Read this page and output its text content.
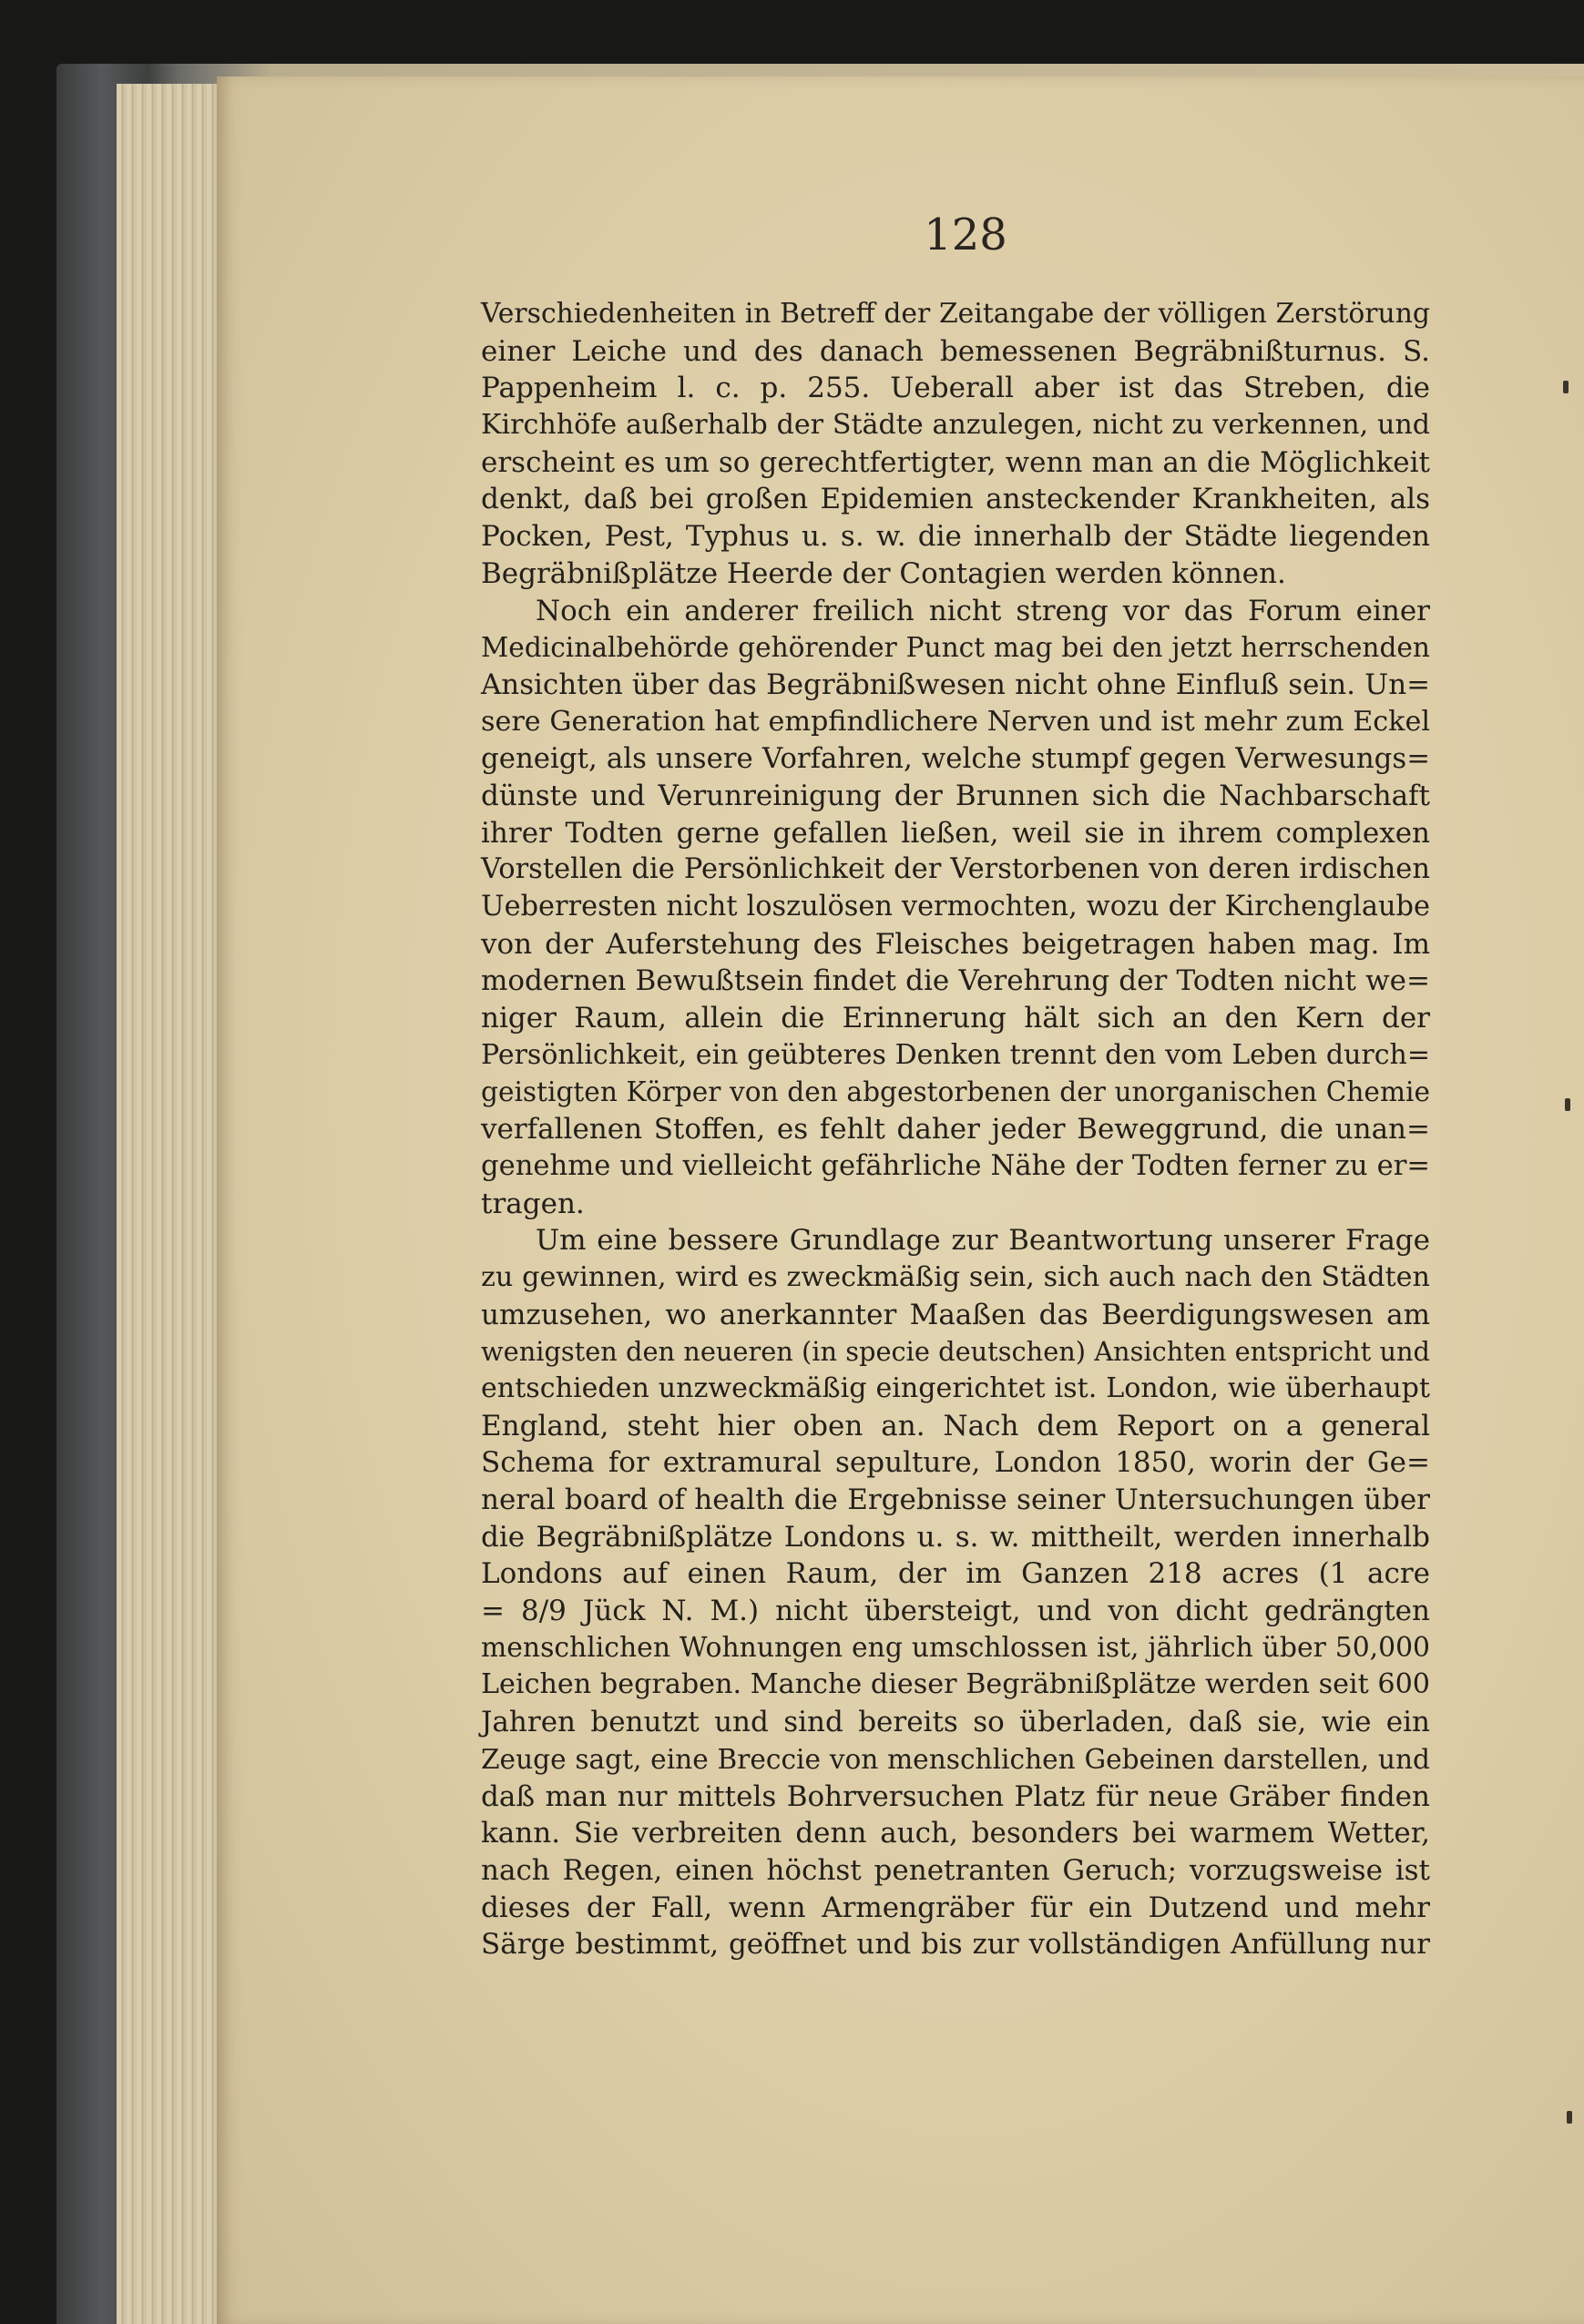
128
Verschiedenheiten in Betreff der Zeitangabe der völligen Zerstörung
einer Leiche und des danach bemessenen Begräbnißturnus. S.
Pappenheim l. c. p. 255. Ueberall aber ist das Streben, die
Kirchhöfe außerhalb der Städte anzulegen, nicht zu verkennen, und
erscheint es um so gerechtfertigter, wenn man an die Möglichkeit
denkt, daß bei großen Epidemien ansteckender Krankheiten, als
Pocken, Pest, Typhus u. s. w. die innerhalb der Städte liegenden
Begräbnißplätze Heerde der Contagien werden können.
Noch ein anderer freilich nicht streng vor das Forum einer
Medicinalbehörde gehörender Punct mag bei den jetzt herrschenden
Ansichten über das Begräbnißwesen nicht ohne Einfluß sein. Un=
sere Generation hat empfindlichere Nerven und ist mehr zum Eckel
geneigt, als unsere Vorfahren, welche stumpf gegen Verwesungs=
dünste und Verunreinigung der Brunnen sich die Nachbarschaft
ihrer Todten gerne gefallen ließen, weil sie in ihrem complexen
Vorstellen die Persönlichkeit der Verstorbenen von deren irdischen
Ueberresten nicht loszulösen vermochten, wozu der Kirchenglaube
von der Auferstehung des Fleisches beigetragen haben mag. Im
modernen Bewußtsein findet die Verehrung der Todten nicht we=
niger Raum, allein die Erinnerung hält sich an den Kern der
Persönlichkeit, ein geübteres Denken trennt den vom Leben durch=
geistigten Körper von den abgestorbenen der unorganischen Chemie
verfallenen Stoffen, es fehlt daher jeder Beweggrund, die unan=
genehme und vielleicht gefährliche Nähe der Todten ferner zu er=
tragen.
Um eine bessere Grundlage zur Beantwortung unserer Frage
zu gewinnen, wird es zweckmäßig sein, sich auch nach den Städten
umzusehen, wo anerkannter Maaßen das Beerdigungswesen am
wenigsten den neueren (in specie deutschen) Ansichten entspricht und
entschieden unzweckmäßig eingerichtet ist. London, wie überhaupt
England, steht hier oben an. Nach dem Report on a general
Schema for extramural sepulture, London 1850, worin der Ge=
neral board of health die Ergebnisse seiner Untersuchungen über
die Begräbnißplätze Londons u. s. w. mittheilt, werden innerhalb
Londons auf einen Raum, der im Ganzen 218 acres (1 acre
= 8/9 Jück N. M.) nicht übersteigt, und von dicht gedrängten
menschlichen Wohnungen eng umschlossen ist, jährlich über 50,000
Leichen begraben. Manche dieser Begräbnißplätze werden seit 600
Jahren benutzt und sind bereits so überladen, daß sie, wie ein
Zeuge sagt, eine Breccie von menschlichen Gebeinen darstellen, und
daß man nur mittels Bohrversuchen Platz für neue Gräber finden
kann. Sie verbreiten denn auch, besonders bei warmem Wetter,
nach Regen, einen höchst penetranten Geruch; vorzugsweise ist
dieses der Fall, wenn Armengräber für ein Dutzend und mehr
Särge bestimmt, geöffnet und bis zur vollständigen Anfüllung nur
